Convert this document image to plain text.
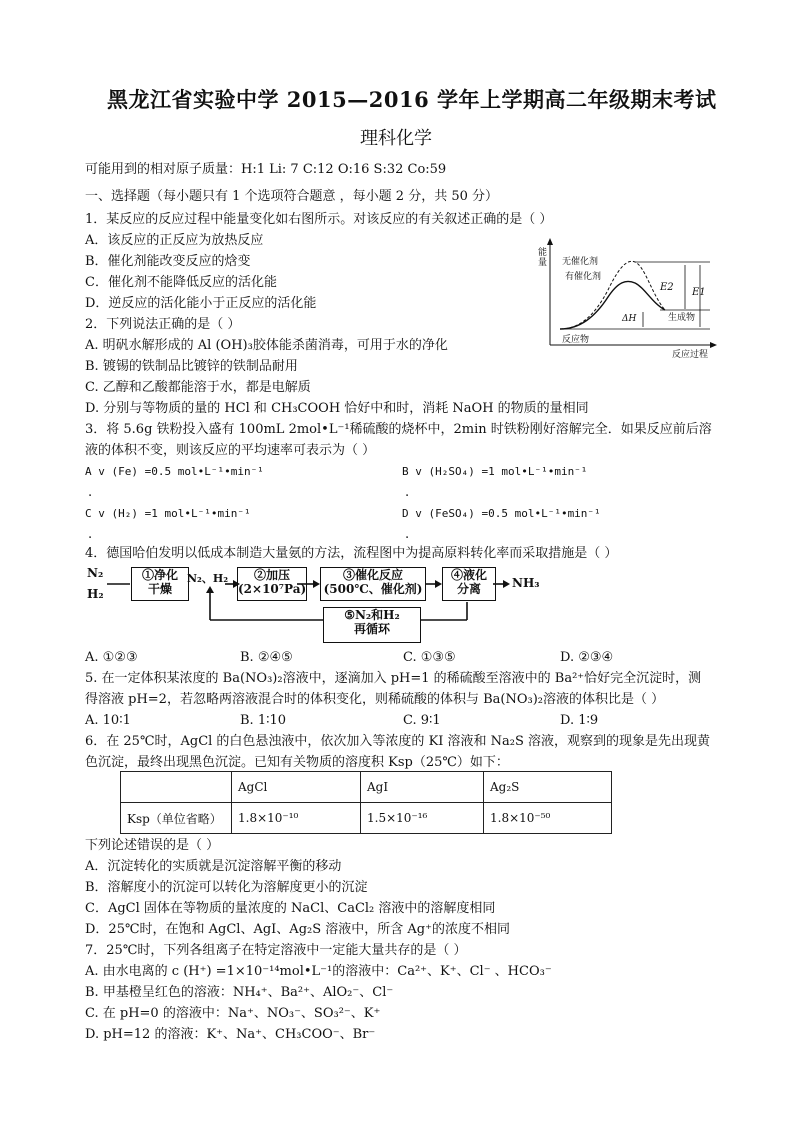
黑龙江省实验中学 2015—2016 学年上学期高二年级期末考试
理科化学
可能用到的相对原子质量：H:1 Li: 7 C:12 O:16 S:32 Co:59
一、选择题（每小题只有 1 个选项符合题意 ，每小题 2 分，共 50 分）
1．某反应的反应过程中能量变化如右图所示。对该反应的有关叙述正确的是（ ）
A．该反应的正反应为放热反应
B．催化剂能改变反应的焓变
C．催化剂不能降低反应的活化能
D．逆反应的活化能小于正反应的活化能
能量 无催化剂
有催化剂
E2 E1
生成物
ΔH
反应物
反应过程
2．下列说法正确的是（ ）
A. 明矾水解形成的 Al (OH)₃胶体能杀菌消毒，可用于水的净化
B. 镀锡的铁制品比镀锌的铁制品耐用
C. 乙醇和乙酸都能溶于水，都是电解质
D. 分别与等物质的量的 HCl 和 CH₃COOH 恰好中和时，消耗 NaOH 的物质的量相同
3．将 5.6g 铁粉投入盛有 100mL 2mol•L⁻¹稀硫酸的烧杯中，2min 时铁粉刚好溶解完全．如果反应前后溶
液的体积不变，则该反应的平均速率可表示为（ ）
A v (Fe) =0.5 mol•L⁻¹•min⁻¹	B v (H₂SO₄) =1 mol•L⁻¹•min⁻¹
.	.
C v (H₂) =1 mol•L⁻¹•min⁻¹	D v (FeSO₄) =0.5 mol•L⁻¹•min⁻¹
.	.
4．德国哈伯发明以低成本制造大量氨的方法，流程图中为提高原料转化率而采取措施是（ ）
N₂
H₂
①净化
干燥
N₂、H₂	②加压
(2×10⁷Pa)
③催化反应
(500℃、催化剂)
④液化
分离	NH₃
⑤N₂和H₂
再循环
A. ①②③	B. ②④⑤	C. ①③⑤	D. ②③④
5. 在一定体积某浓度的 Ba(NO₃)₂溶液中，逐滴加入 pH=1 的稀硫酸至溶液中的 Ba²⁺恰好完全沉淀时，测
得溶液 pH=2，若忽略两溶液混合时的体积变化，则稀硫酸的体积与 Ba(NO₃)₂溶液的体积比是（ ）
A. 10∶1	B. 1∶10	C. 9∶1	D. 1∶9
6．在 25℃时，AgCl 的白色悬浊液中，依次加入等浓度的 KI 溶液和 Na₂S 溶液，观察到的现象是先出现黄
色沉淀，最终出现黑色沉淀。已知有关物质的溶度积 Ksp（25℃）如下：
	AgCl	AgI	Ag₂S
Ksp（单位省略）	1.8×10⁻¹⁰	1.5×10⁻¹⁶	1.8×10⁻⁵⁰
下列论述错误的是（ ）
A．沉淀转化的实质就是沉淀溶解平衡的移动
B．溶解度小的沉淀可以转化为溶解度更小的沉淀
C．AgCl 固体在等物质的量浓度的 NaCl、CaCl₂ 溶液中的溶解度相同
D．25℃时，在饱和 AgCl、AgI、Ag₂S 溶液中，所含 Ag⁺的浓度不相同
7．25℃时，下列各组离子在特定溶液中一定能大量共存的是（ ）
A. 由水电离的 c (H⁺) =1×10⁻¹⁴mol•L⁻¹的溶液中：Ca²⁺、K⁺、Cl⁻ 、HCO₃⁻
B. 甲基橙呈红色的溶液：NH₄⁺、Ba²⁺、AlO₂⁻、Cl⁻
C. 在 pH=0 的溶液中：Na⁺、NO₃⁻、SO₃²⁻、K⁺
D. pH=12 的溶液：K⁺、Na⁺、CH₃COO⁻、Br⁻
